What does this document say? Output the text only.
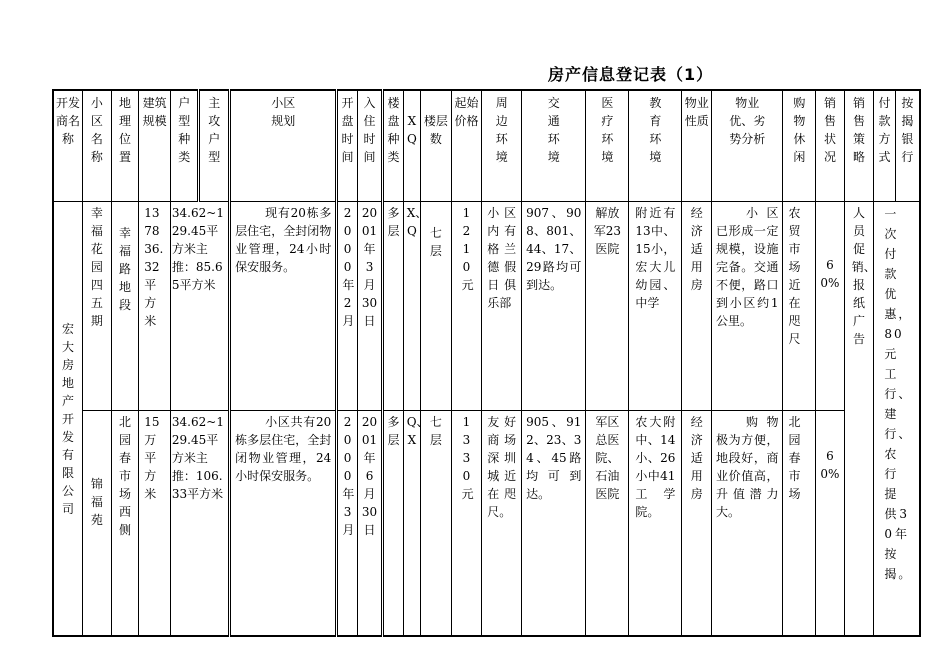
房产信息登记表（1）
开发商名称	小区名称	地理位置	建筑规模	户型种类	主攻户型	小区规划	开盘时间	入住时间	楼盘种类	XQ	楼层数	起始价格	周边环境	交通环境	医疗环境	教育环境	物业性质	物业优、劣势分析	购物休闲	销售状况	销售策略	付款方式	按揭银行
宏大房地产开发有限公司	幸福花园四五期	幸福路地段	1378 36.32平方米	34.62~129.45平方米主推：85.65平方米		现有20栋多层住宅，全封闭物业管理，24小时保安服务。	2000年2月	2001年3月30日	多层	X、Q	七层	1210元	小区内有格兰德假日俱乐部	907、908、801、44、17、29路均可到达。	解放军23医院	附近有13中、15小，宏大儿幼园、中学	经济适用房	小区已形成一定规模，设施完备。交通不便，路口到小区约1公里。	农贸市场近在咫尺	60%	人员促销、报纸广告	一次付款优惠，80元工行、建行、农行提供30年按揭。	
	锦福苑	北园春市场西侧	15万平方米	34.62~129.45平方米主推：106.33平方米		小区共有20栋多层住宅，全封闭物业管理，24小时保安服务。	2000年3月	2001年6月30日	多层	Q、X	七层	1330元	友好商场深圳城近在咫尺。	905、912、23、34、45路均可到达。	军区总医院、石油医院	农大附中、14小、26小中41工学院。	经济适用房	购物极为方便，地段好，商业价值高，升值潜力大。	北园春市场	60%			
